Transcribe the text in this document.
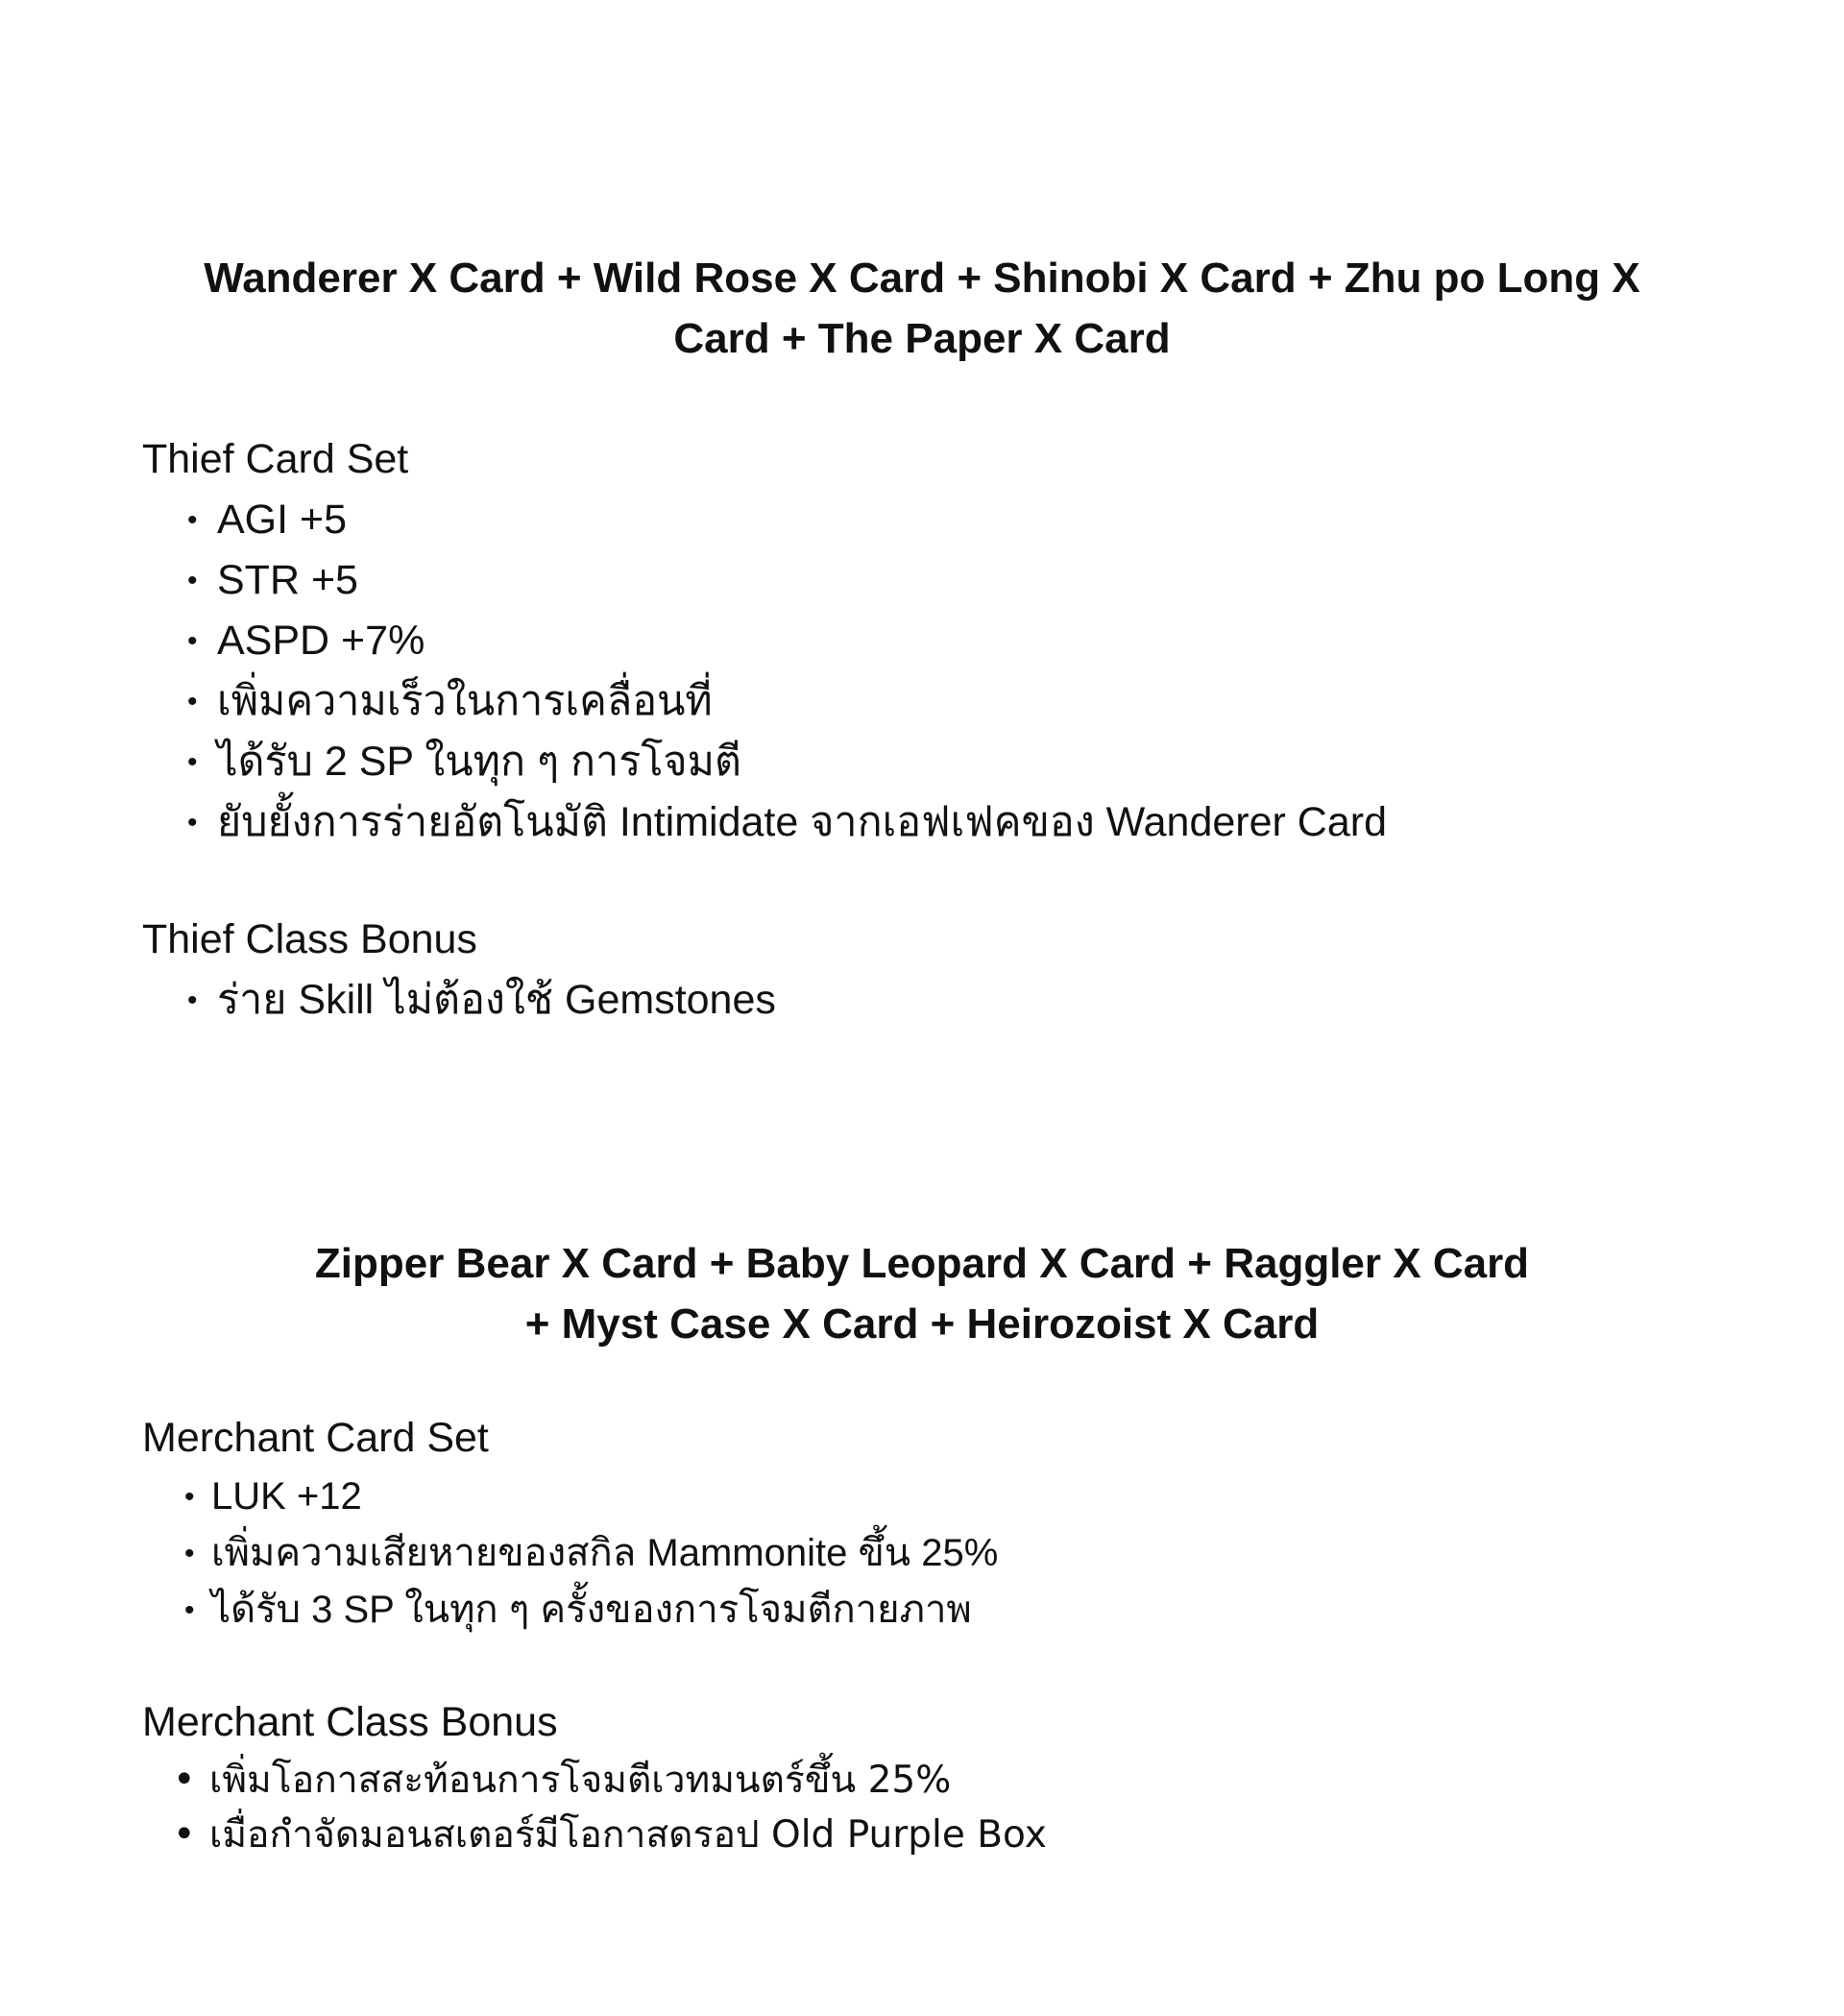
Wanderer X Card + Wild Rose X Card + Shinobi X Card + Zhu po Long X
Card + The Paper X Card
Thief Card Set
• AGI +5
• STR +5
• ASPD +7%
• เพิ่มความเร็วในการเคลื่อนที่
• ได้รับ 2 SP ในทุก ๆ การโจมตี
• ยับยั้งการร่ายอัตโนมัติ Intimidate จากเอฟเฟคของ Wanderer Card
Thief Class Bonus
• ร่าย Skill ไม่ต้องใช้ Gemstones
Zipper Bear X Card + Baby Leopard X Card + Raggler X Card
+ Myst Case X Card + Heirozoist X Card
Merchant Card Set
• LUK +12
• เพิ่มความเสียหายของสกิล Mammonite ขึ้น 25%
• ได้รับ 3 SP ในทุก ๆ ครั้งของการโจมตีกายภาพ
Merchant Class Bonus
• เพิ่มโอกาสสะท้อนการโจมตีเวทมนตร์ขึ้น 25%
• เมื่อกำจัดมอนสเตอร์มีโอกาสดรอป Old Purple Box
